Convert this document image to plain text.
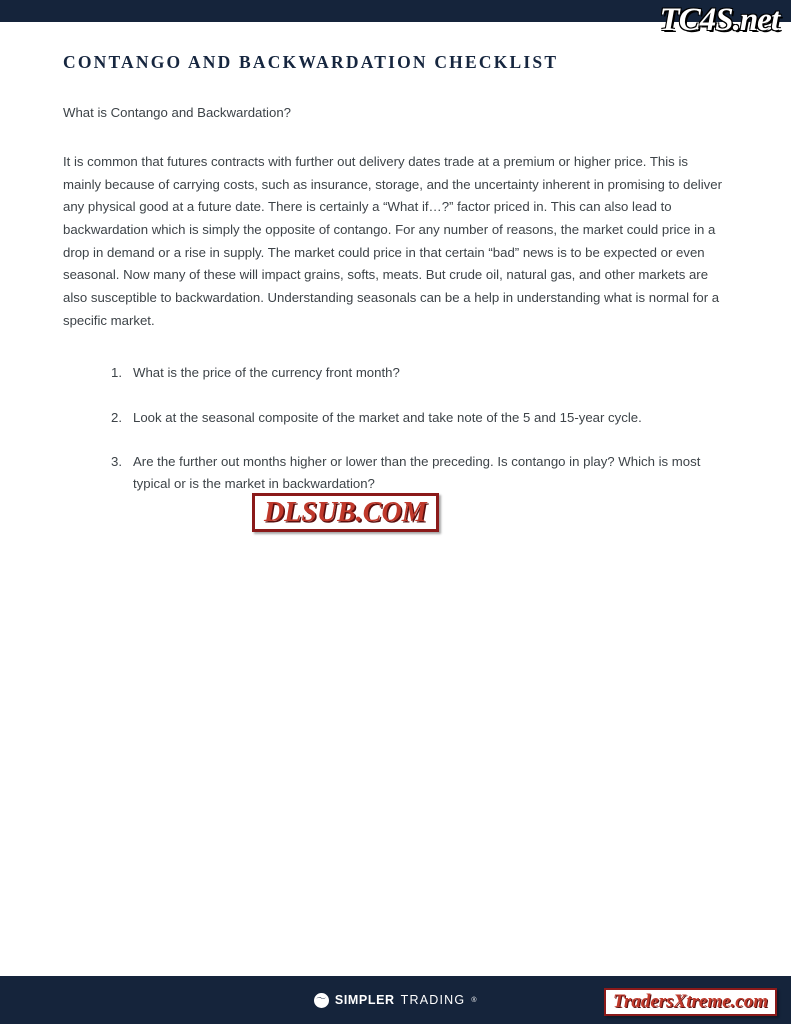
CONTANGO AND BACKWARDATION CHECKLIST

What is Contango and Backwardation?

It is common that futures contracts with further out delivery dates trade at a premium or higher price. This is mainly because of carrying costs, such as insurance, storage, and the uncertainty inherent in promising to deliver any physical good at a future date. There is certainly a “What if…?” factor priced in. This can also lead to backwardation which is simply the opposite of contango. For any number of reasons, the market could price in a drop in demand or a rise in supply. The market could price in that certain “bad” news is to be expected or even seasonal. Now many of these will impact grains, softs, meats. But crude oil, natural gas, and other markets are also susceptible to backwardation. Understanding seasonals can be a help in understanding what is normal for a specific market.

What is the price of the currency front month?
Look at the seasonal composite of the market and take note of the 5 and 15-year cycle.
Are the further out months higher or lower than the preceding. Is contango in play? Which is most typical or is the market in backwardation?
〜 SIMPLER TRADING ®
TC4S.net
DLSUB.COM
TradersXtreme.com
